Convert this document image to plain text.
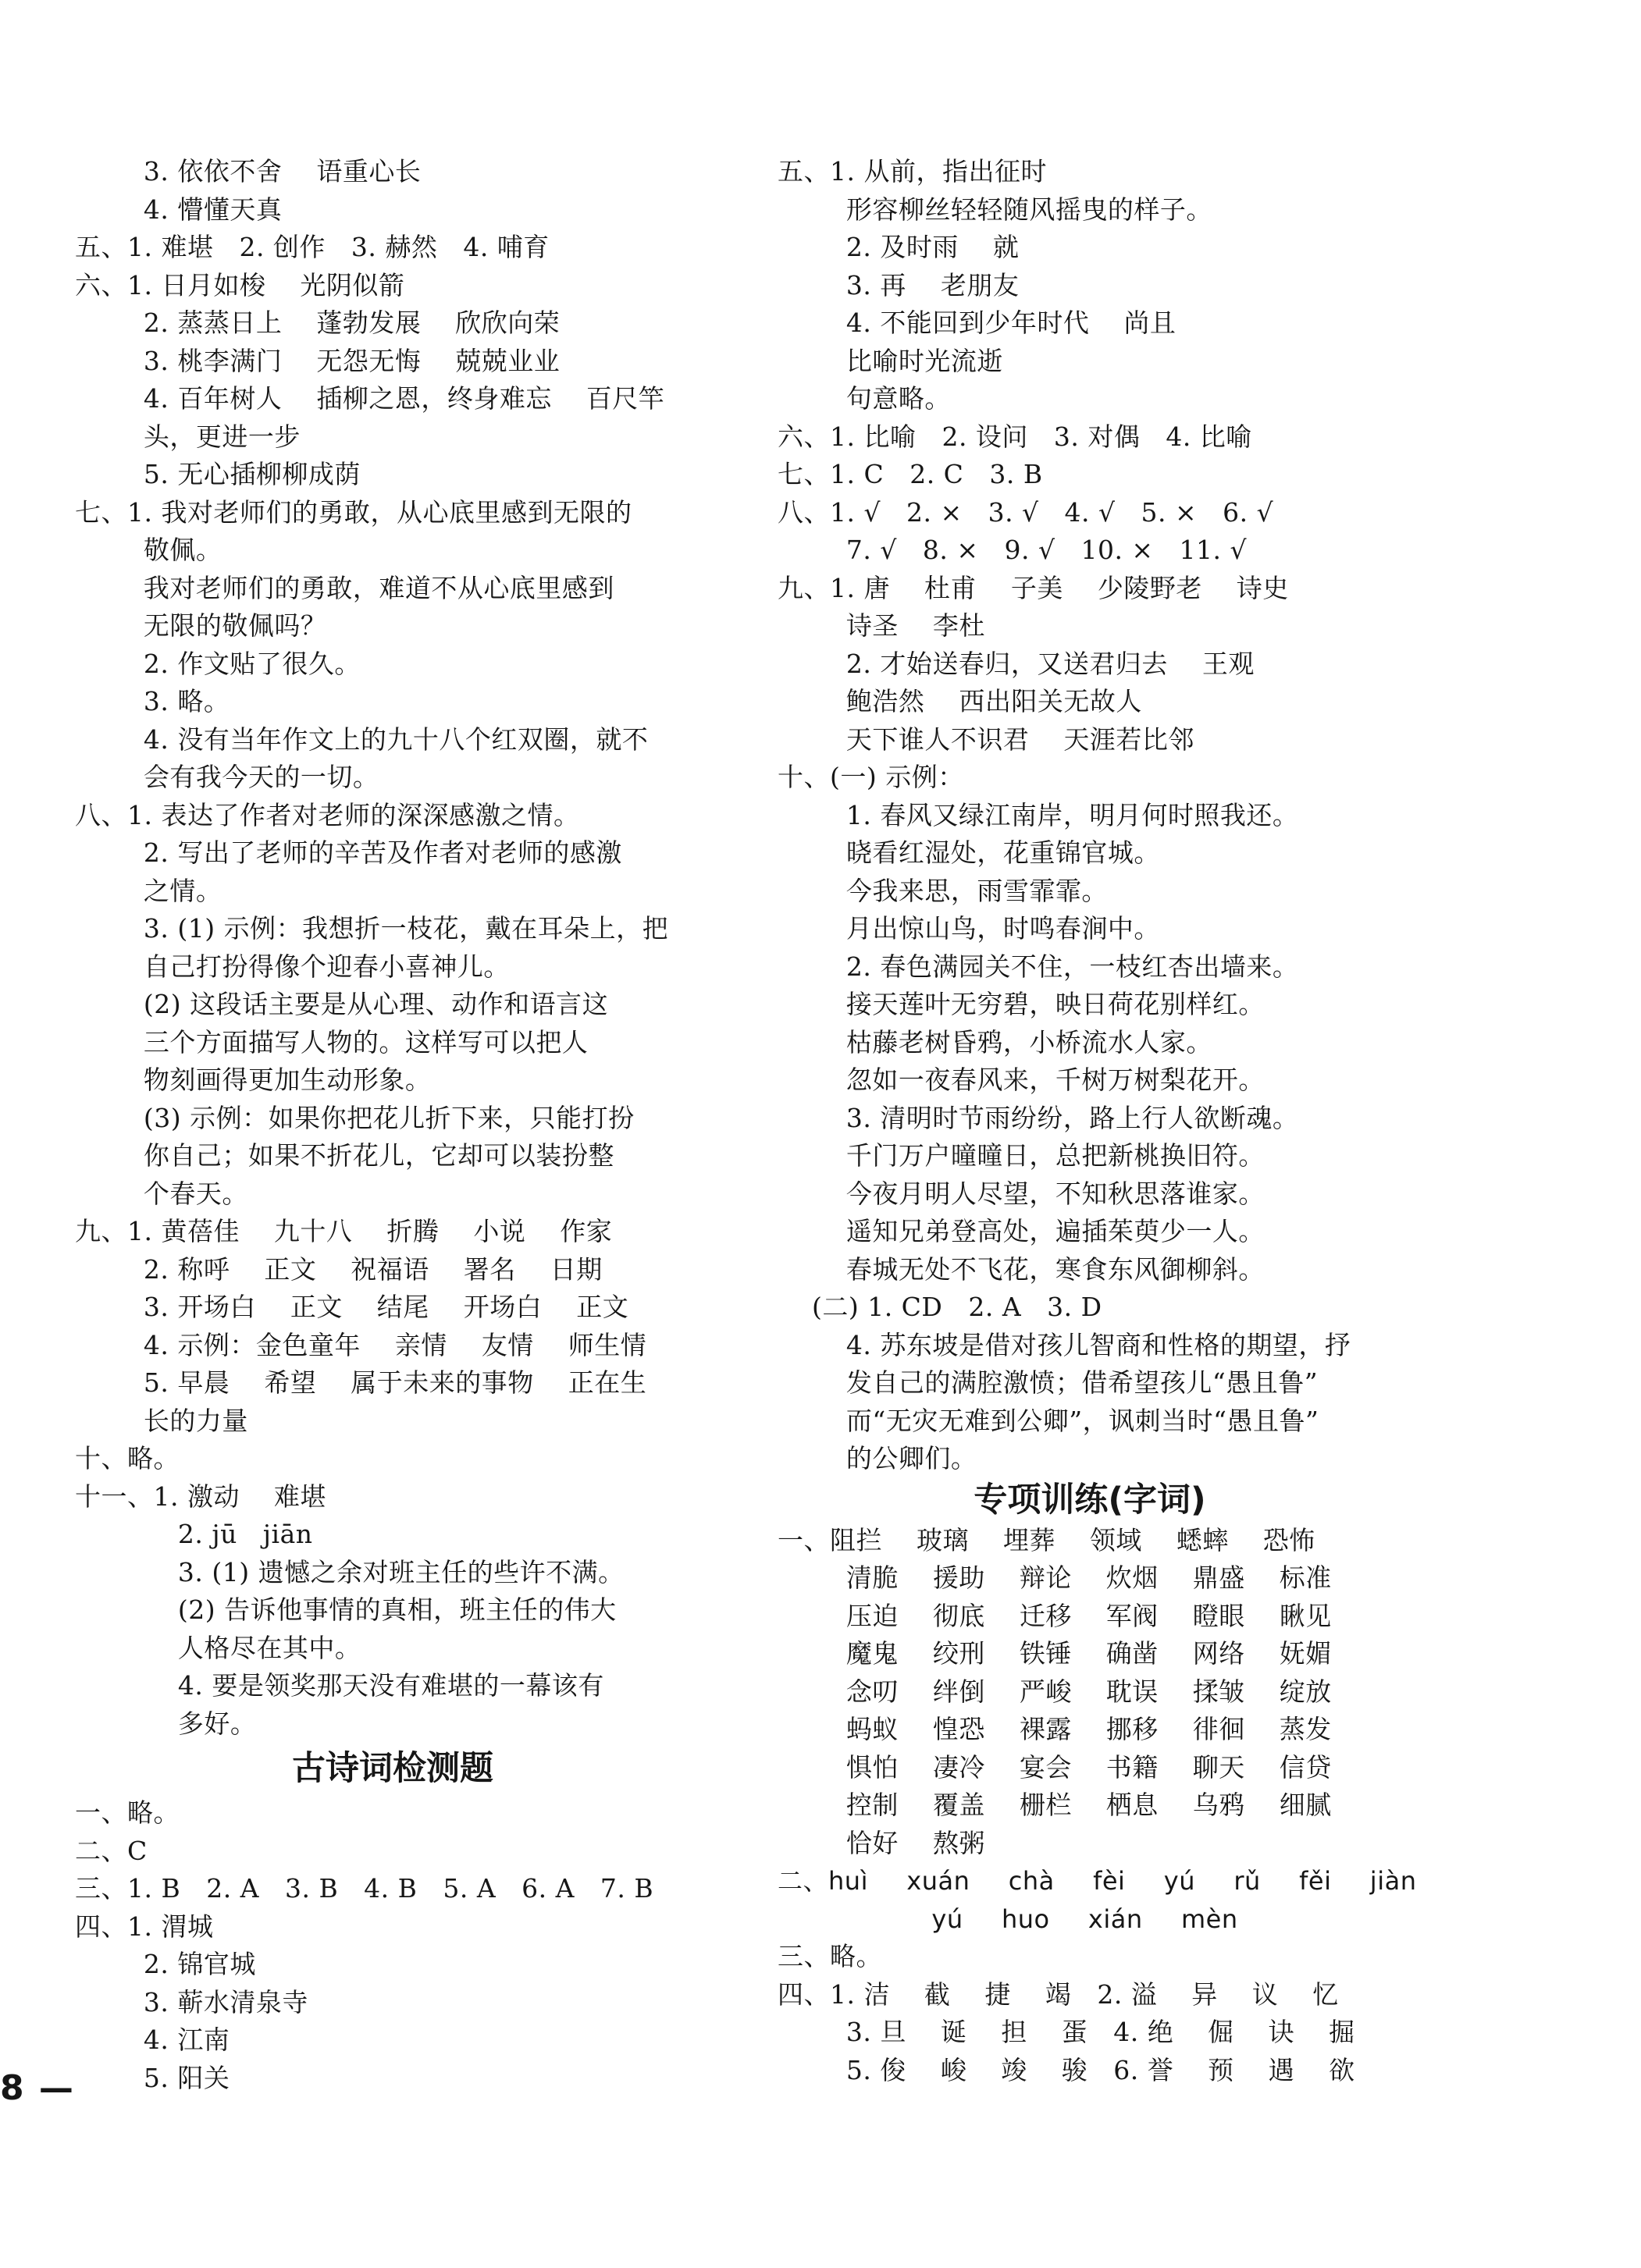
3. 依依不舍    语重心长
4. 懵懂天真
五、1. 难堪   2. 创作   3. 赫然   4. 哺育
六、1. 日月如梭    光阴似箭
2. 蒸蒸日上    蓬勃发展    欣欣向荣
3. 桃李满门    无怨无悔    兢兢业业
4. 百年树人    插柳之恩，终身难忘    百尺竿
头，更进一步
5. 无心插柳柳成荫
七、1. 我对老师们的勇敢，从心底里感到无限的
敬佩。
我对老师们的勇敢，难道不从心底里感到
无限的敬佩吗？
2. 作文贴了很久。
3. 略。
4. 没有当年作文上的九十八个红双圈，就不
会有我今天的一切。
八、1. 表达了作者对老师的深深感激之情。
2. 写出了老师的辛苦及作者对老师的感激
之情。
3. (1) 示例：我想折一枝花，戴在耳朵上，把
自己打扮得像个迎春小喜神儿。
(2) 这段话主要是从心理、动作和语言这
三个方面描写人物的。这样写可以把人
物刻画得更加生动形象。
(3) 示例：如果你把花儿折下来，只能打扮
你自己；如果不折花儿，它却可以装扮整
个春天。
九、1. 黄蓓佳    九十八    折腾    小说    作家
2. 称呼    正文    祝福语    署名    日期
3. 开场白    正文    结尾    开场白    正文
4. 示例：金色童年    亲情    友情    师生情
5. 早晨    希望    属于未来的事物    正在生
长的力量
十、略。
十一、1. 激动    难堪
2. jū   jiān
3. (1) 遗憾之余对班主任的些许不满。
(2) 告诉他事情的真相，班主任的伟大
人格尽在其中。
4. 要是领奖那天没有难堪的一幕该有
多好。
古诗词检测题
一、略。
二、C
三、1. B   2. A   3. B   4. B   5. A   6. A   7. B
四、1. 渭城
2. 锦官城
3. 蕲水清泉寺
4. 江南
5. 阳关
五、1. 从前，指出征时
形容柳丝轻轻随风摇曳的样子。
2. 及时雨    就
3. 再    老朋友
4. 不能回到少年时代    尚且
比喻时光流逝
句意略。
六、1. 比喻   2. 设问   3. 对偶   4. 比喻
七、1. C   2. C   3. B
八、1. √   2. ×   3. √   4. √   5. ×   6. √
7. √   8. ×   9. √   10. ×   11. √
九、1. 唐    杜甫    子美    少陵野老    诗史
诗圣    李杜
2. 才始送春归，又送君归去    王观
鲍浩然    西出阳关无故人
天下谁人不识君    天涯若比邻
十、(一) 示例：
1. 春风又绿江南岸，明月何时照我还。
晓看红湿处，花重锦官城。
今我来思，雨雪霏霏。
月出惊山鸟，时鸣春涧中。
2. 春色满园关不住，一枝红杏出墙来。
接天莲叶无穷碧，映日荷花别样红。
枯藤老树昏鸦，小桥流水人家。
忽如一夜春风来，千树万树梨花开。
3. 清明时节雨纷纷，路上行人欲断魂。
千门万户曈曈日，总把新桃换旧符。
今夜月明人尽望，不知秋思落谁家。
遥知兄弟登高处，遍插茱萸少一人。
春城无处不飞花，寒食东风御柳斜。
(二) 1. CD   2. A   3. D
4. 苏东坡是借对孩儿智商和性格的期望，抒
发自己的满腔激愤；借希望孩儿“愚且鲁”
而“无灾无难到公卿”，讽刺当时“愚且鲁”
的公卿们。
专项训练(字词)
一、阻拦    玻璃    埋葬    领域    蟋蟀    恐怖
清脆    援助    辩论    炊烟    鼎盛    标准
压迫    彻底    迁移    军阀    瞪眼    瞅见
魔鬼    绞刑    铁锤    确凿    网络    妩媚
念叨    绊倒    严峻    耽误    揉皱    绽放
蚂蚁    惶恐    裸露    挪移    徘徊    蒸发
惧怕    凄冷    宴会    书籍    聊天    信贷
控制    覆盖    栅栏    栖息    乌鸦    细腻
恰好    熬粥
二、huì  xuán  chà  fèi  yú  rǔ  fěi  jiàn
yú  huo  xián  mèn
三、略。
四、1. 洁    截    捷    竭   2. 溢    异    议    忆
3. 旦    诞    担    蛋   4. 绝    倔    诀    掘
5. 俊    峻    竣    骏   6. 誉    预    遇    欲
8 —
